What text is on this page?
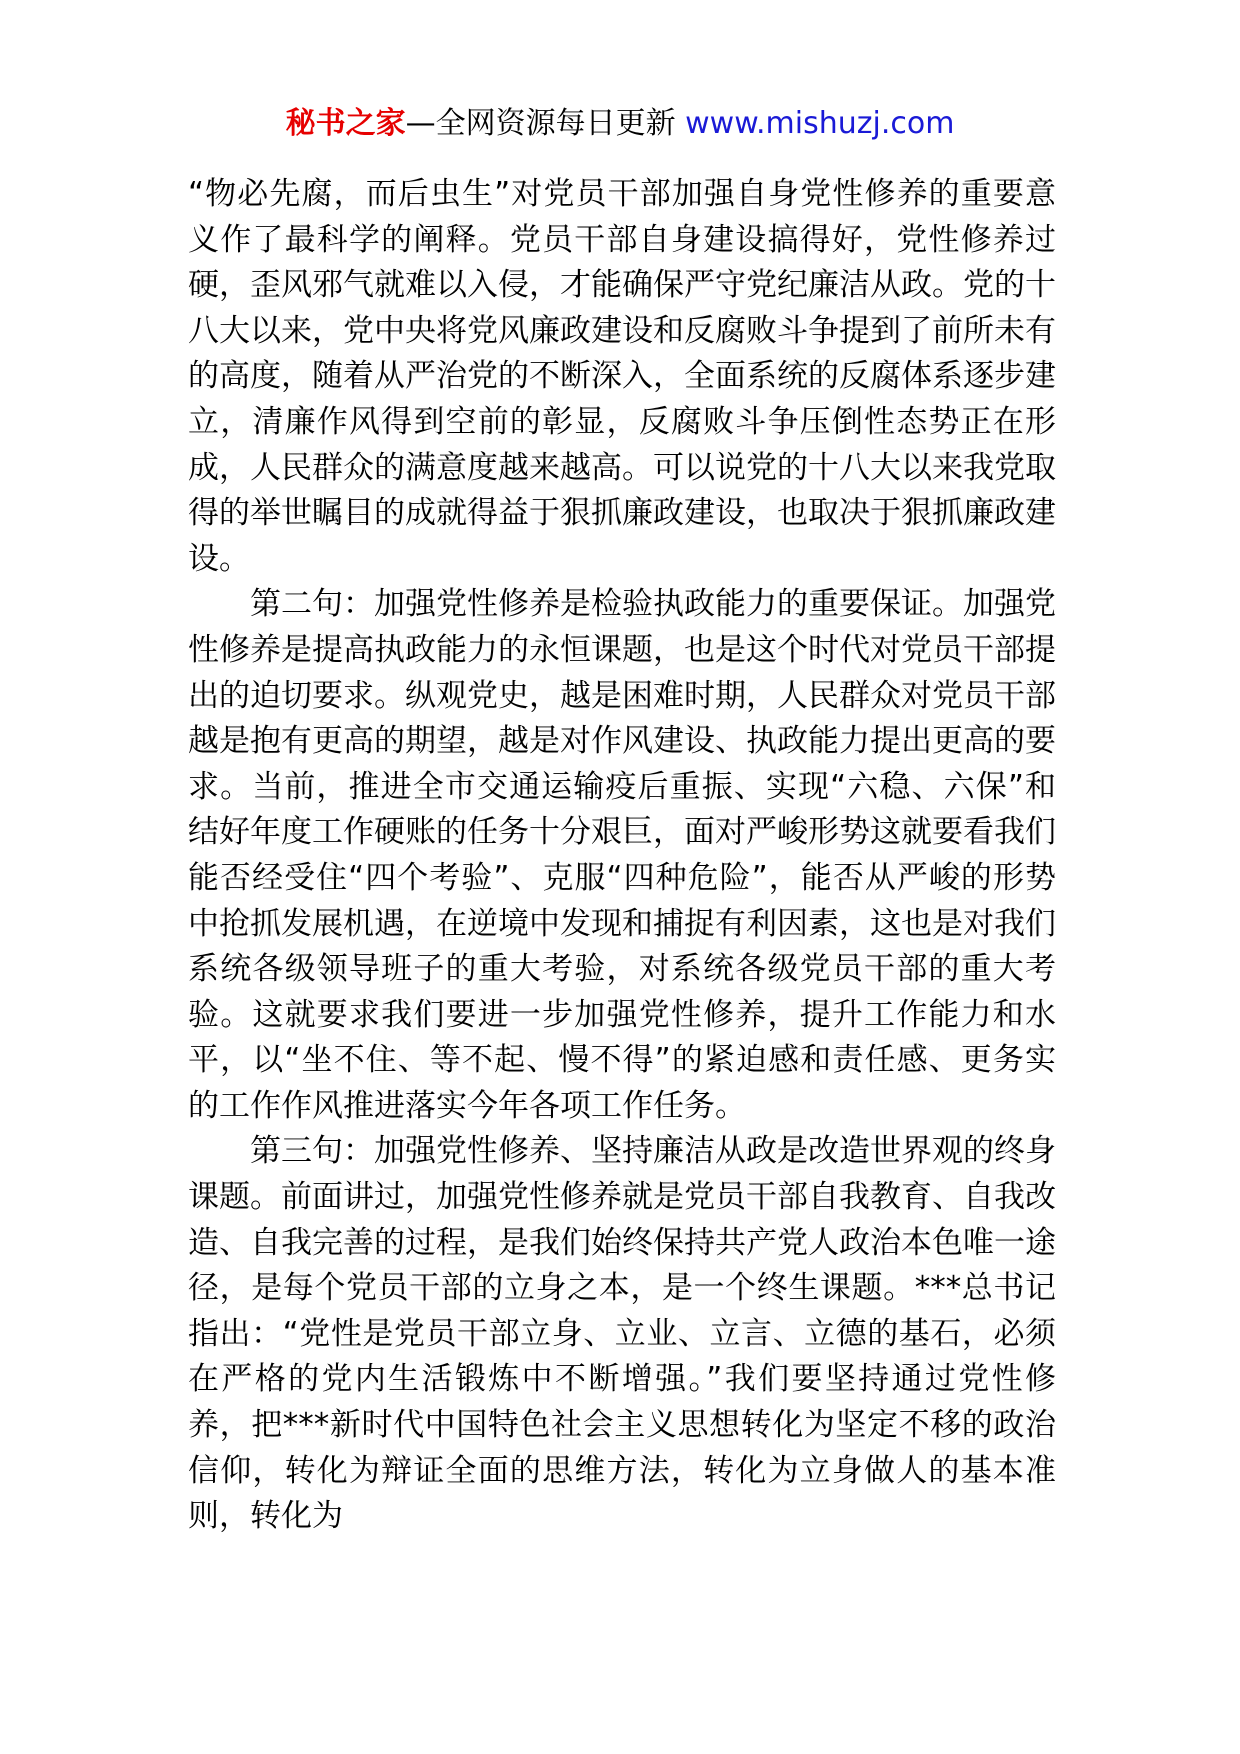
秘书之家—全网资源每日更新 www.mishuzj.com

“物必先腐，而后虫生”对党员干部加强自身党性修养的重要意义作了最科学的阐释。党员干部自身建设搞得好，党性修养过硬，歪风邪气就难以入侵，才能确保严守党纪廉洁从政。党的十八大以来，党中央将党风廉政建设和反腐败斗争提到了前所未有的高度，随着从严治党的不断深入，全面系统的反腐体系逐步建立，清廉作风得到空前的彰显，反腐败斗争压倒性态势正在形成，人民群众的满意度越来越高。可以说党的十八大以来我党取得的举世瞩目的成就得益于狠抓廉政建设，也取决于狠抓廉政建设。

第二句：加强党性修养是检验执政能力的重要保证。加强党性修养是提高执政能力的永恒课题，也是这个时代对党员干部提出的迫切要求。纵观党史，越是困难时期，人民群众对党员干部越是抱有更高的期望，越是对作风建设、执政能力提出更高的要求。当前，推进全市交通运输疫后重振、实现“六稳、六保”和结好年度工作硬账的任务十分艰巨，面对严峻形势这就要看我们能否经受住“四个考验”、克服“四种危险”，能否从严峻的形势中抢抓发展机遇，在逆境中发现和捕捉有利因素，这也是对我们系统各级领导班子的重大考验，对系统各级党员干部的重大考验。这就要求我们要进一步加强党性修养，提升工作能力和水平，以“坐不住、等不起、慢不得”的紧迫感和责任感、更务实的工作作风推进落实今年各项工作任务。

第三句：加强党性修养、坚持廉洁从政是改造世界观的终身课题。前面讲过，加强党性修养就是党员干部自我教育、自我改造、自我完善的过程，是我们始终保持共产党人政治本色唯一途径，是每个党员干部的立身之本，是一个终生课题。***总书记指出：“党性是党员干部立身、立业、立言、立德的基石，必须在严格的党内生活锻炼中不断增强。”我们要坚持通过党性修养，把***新时代中国特色社会主义思想转化为坚定不移的政治信仰，转化为辩证全面的思维方法，转化为立身做人的基本准则，转化为
